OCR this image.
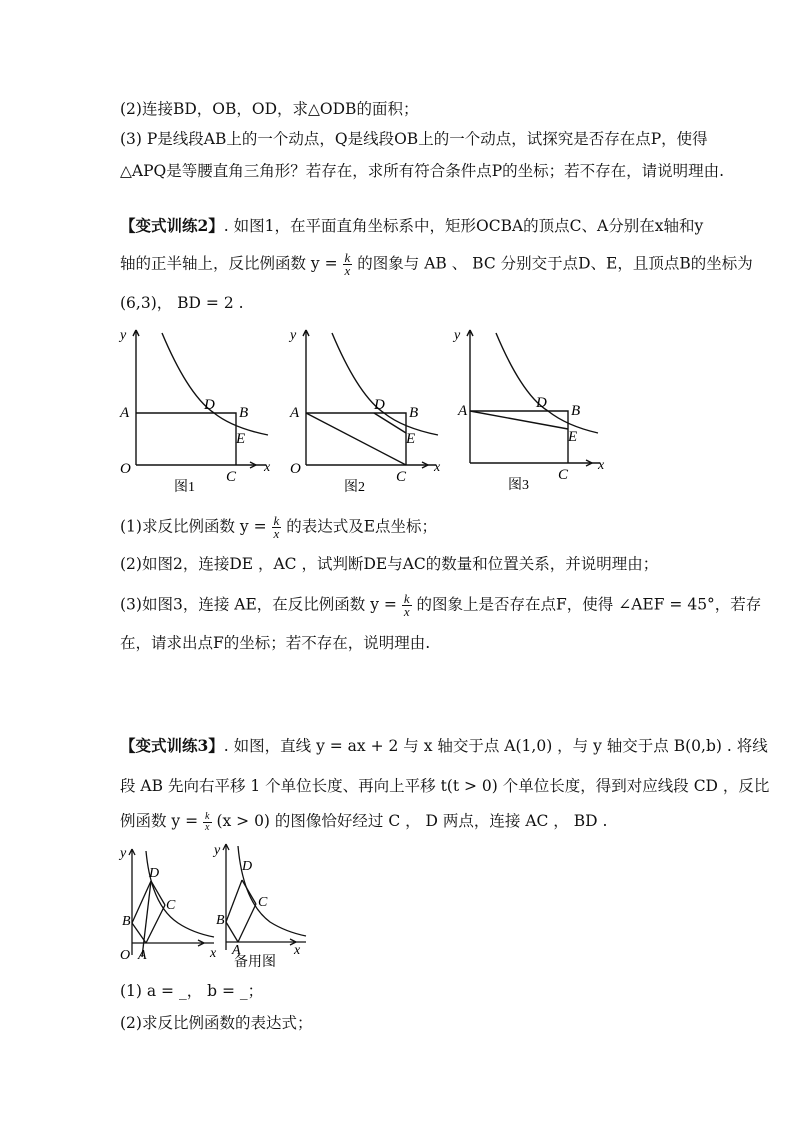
(2)连接BD，OB，OD，求△ODB的面积；
(3) P是线段AB上的一个动点，Q是线段OB上的一个动点，试探究是否存在点P，使得
△APQ是等腰直角三角形？若存在，求所有符合条件点P的坐标；若不存在，请说明理由.
【变式训练2】. 如图1，在平面直角坐标系中，矩形OCBA的顶点C、A分别在x轴和y
轴的正半轴上，反比例函数 $y = \frac{k}{x}$ 的图象与 AB 、 BC 分别交于点D、E，且顶点B的坐标为
(6,3)， BD = 2 .
y
x
O
A	D B
E
C
图1
y
x
O
A	D B
E
C
图2
y
x
A	D B
E
C
图3
(1)求反比例函数 $y = \frac{k}{x}$ 的表达式及E点坐标；
(2)如图2，连接DE ，AC ，试判断DE与AC的数量和位置关系，并说明理由；
(3)如图3，连接 AE，在反比例函数 $y = \frac{k}{x}$ 的图象上是否存在点F，使得 ∠AEF = 45°，若存
在，请求出点F的坐标；若不存在，说明理由.
【变式训练3】. 如图，直线 y = ax + 2 与 x 轴交于点 A(1,0) ，与 y 轴交于点 B(0,b) . 将线
段 AB 先向右平移 1 个单位长度、再向上平移 t(t > 0) 个单位长度，得到对应线段 CD ，反比
例函数 $y = \frac{k}{x} (x > 0)$ 的图像恰好经过 C ， D 两点，连接 AC ， BD .
y
x
O A
B
D
C
y
x
B
D
C
A
备用图
(1) a = _， b = _；
(2)求反比例函数的表达式；
